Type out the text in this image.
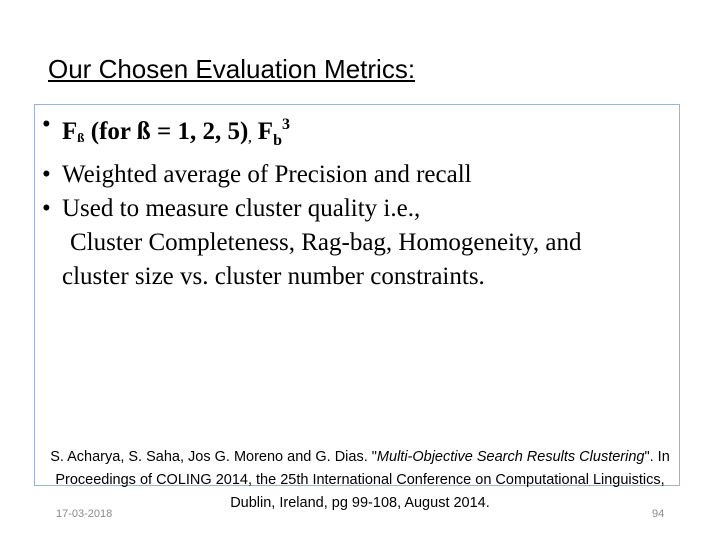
Our Chosen Evaluation Metrics:
• Fß (for ß = 1, 2, 5), $F_b^3$
• Weighted average of Precision and recall
• Used to measure cluster quality i.e.,
Cluster Completeness, Rag-bag, Homogeneity, and
cluster size vs. cluster number constraints.
S. Acharya, S. Saha, Jos G. Moreno and G. Dias. "Multi-Objective Search Results Clustering". In Proceedings of COLING 2014, the 25th International Conference on Computational Linguistics, Dublin, Ireland, pg 99-108, August 2014.
17-03-2018	94
